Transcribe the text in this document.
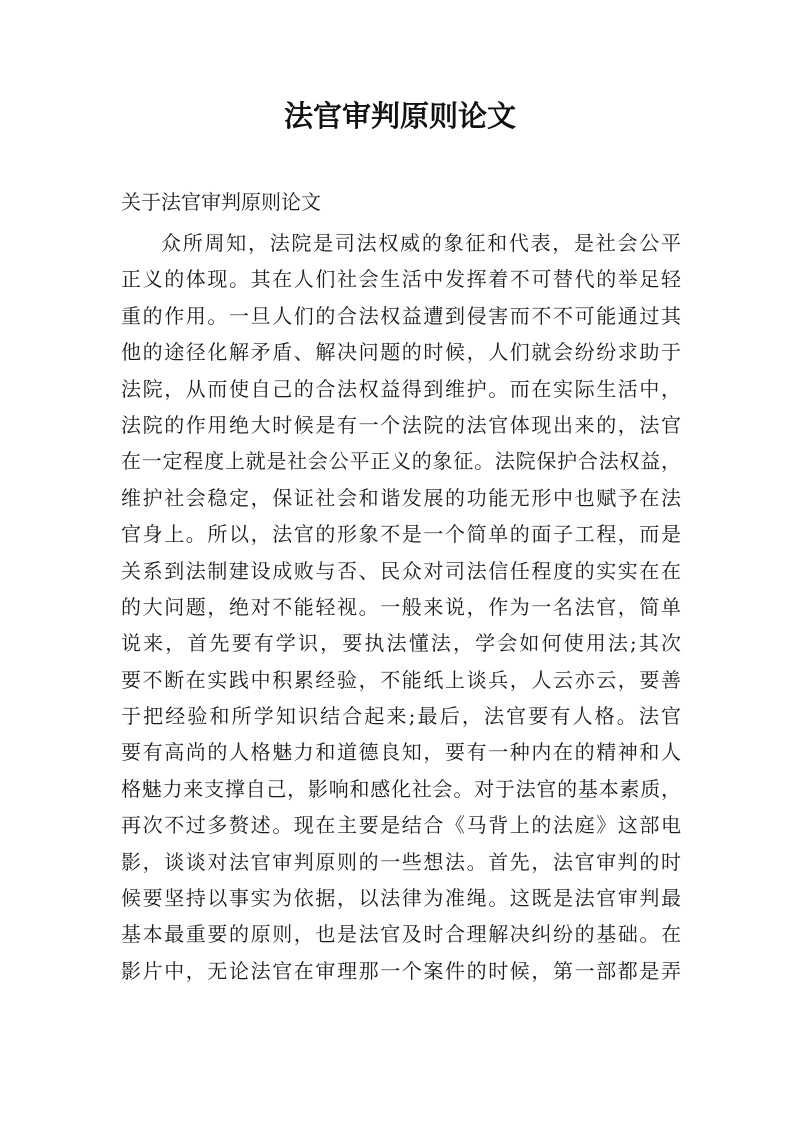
法官审判原则论文

关于法官审判原则论文

众所周知，法院是司法权威的象征和代表，是社会公平
正义的体现。其在人们社会生活中发挥着不可替代的举足轻
重的作用。一旦人们的合法权益遭到侵害而不不可能通过其
他的途径化解矛盾、解决问题的时候，人们就会纷纷求助于
法院，从而使自己的合法权益得到维护。而在实际生活中，
法院的作用绝大时候是有一个法院的法官体现出来的，法官
在一定程度上就是社会公平正义的象征。法院保护合法权益，
维护社会稳定，保证社会和谐发展的功能无形中也赋予在法
官身上。所以，法官的形象不是一个简单的面子工程，而是
关系到法制建设成败与否、民众对司法信任程度的实实在在
的大问题，绝对不能轻视。一般来说，作为一名法官，简单
说来，首先要有学识，要执法懂法，学会如何使用法;其次
要不断在实践中积累经验，不能纸上谈兵，人云亦云，要善
于把经验和所学知识结合起来;最后，法官要有人格。法官
要有高尚的人格魅力和道德良知，要有一种内在的精神和人
格魅力来支撑自己，影响和感化社会。对于法官的基本素质，
再次不过多赘述。现在主要是结合《马背上的法庭》这部电
影，谈谈对法官审判原则的一些想法。首先，法官审判的时
候要坚持以事实为依据，以法律为准绳。这既是法官审判最
基本最重要的原则，也是法官及时合理解决纠纷的基础。在
影片中，无论法官在审理那一个案件的时候，第一部都是弄
